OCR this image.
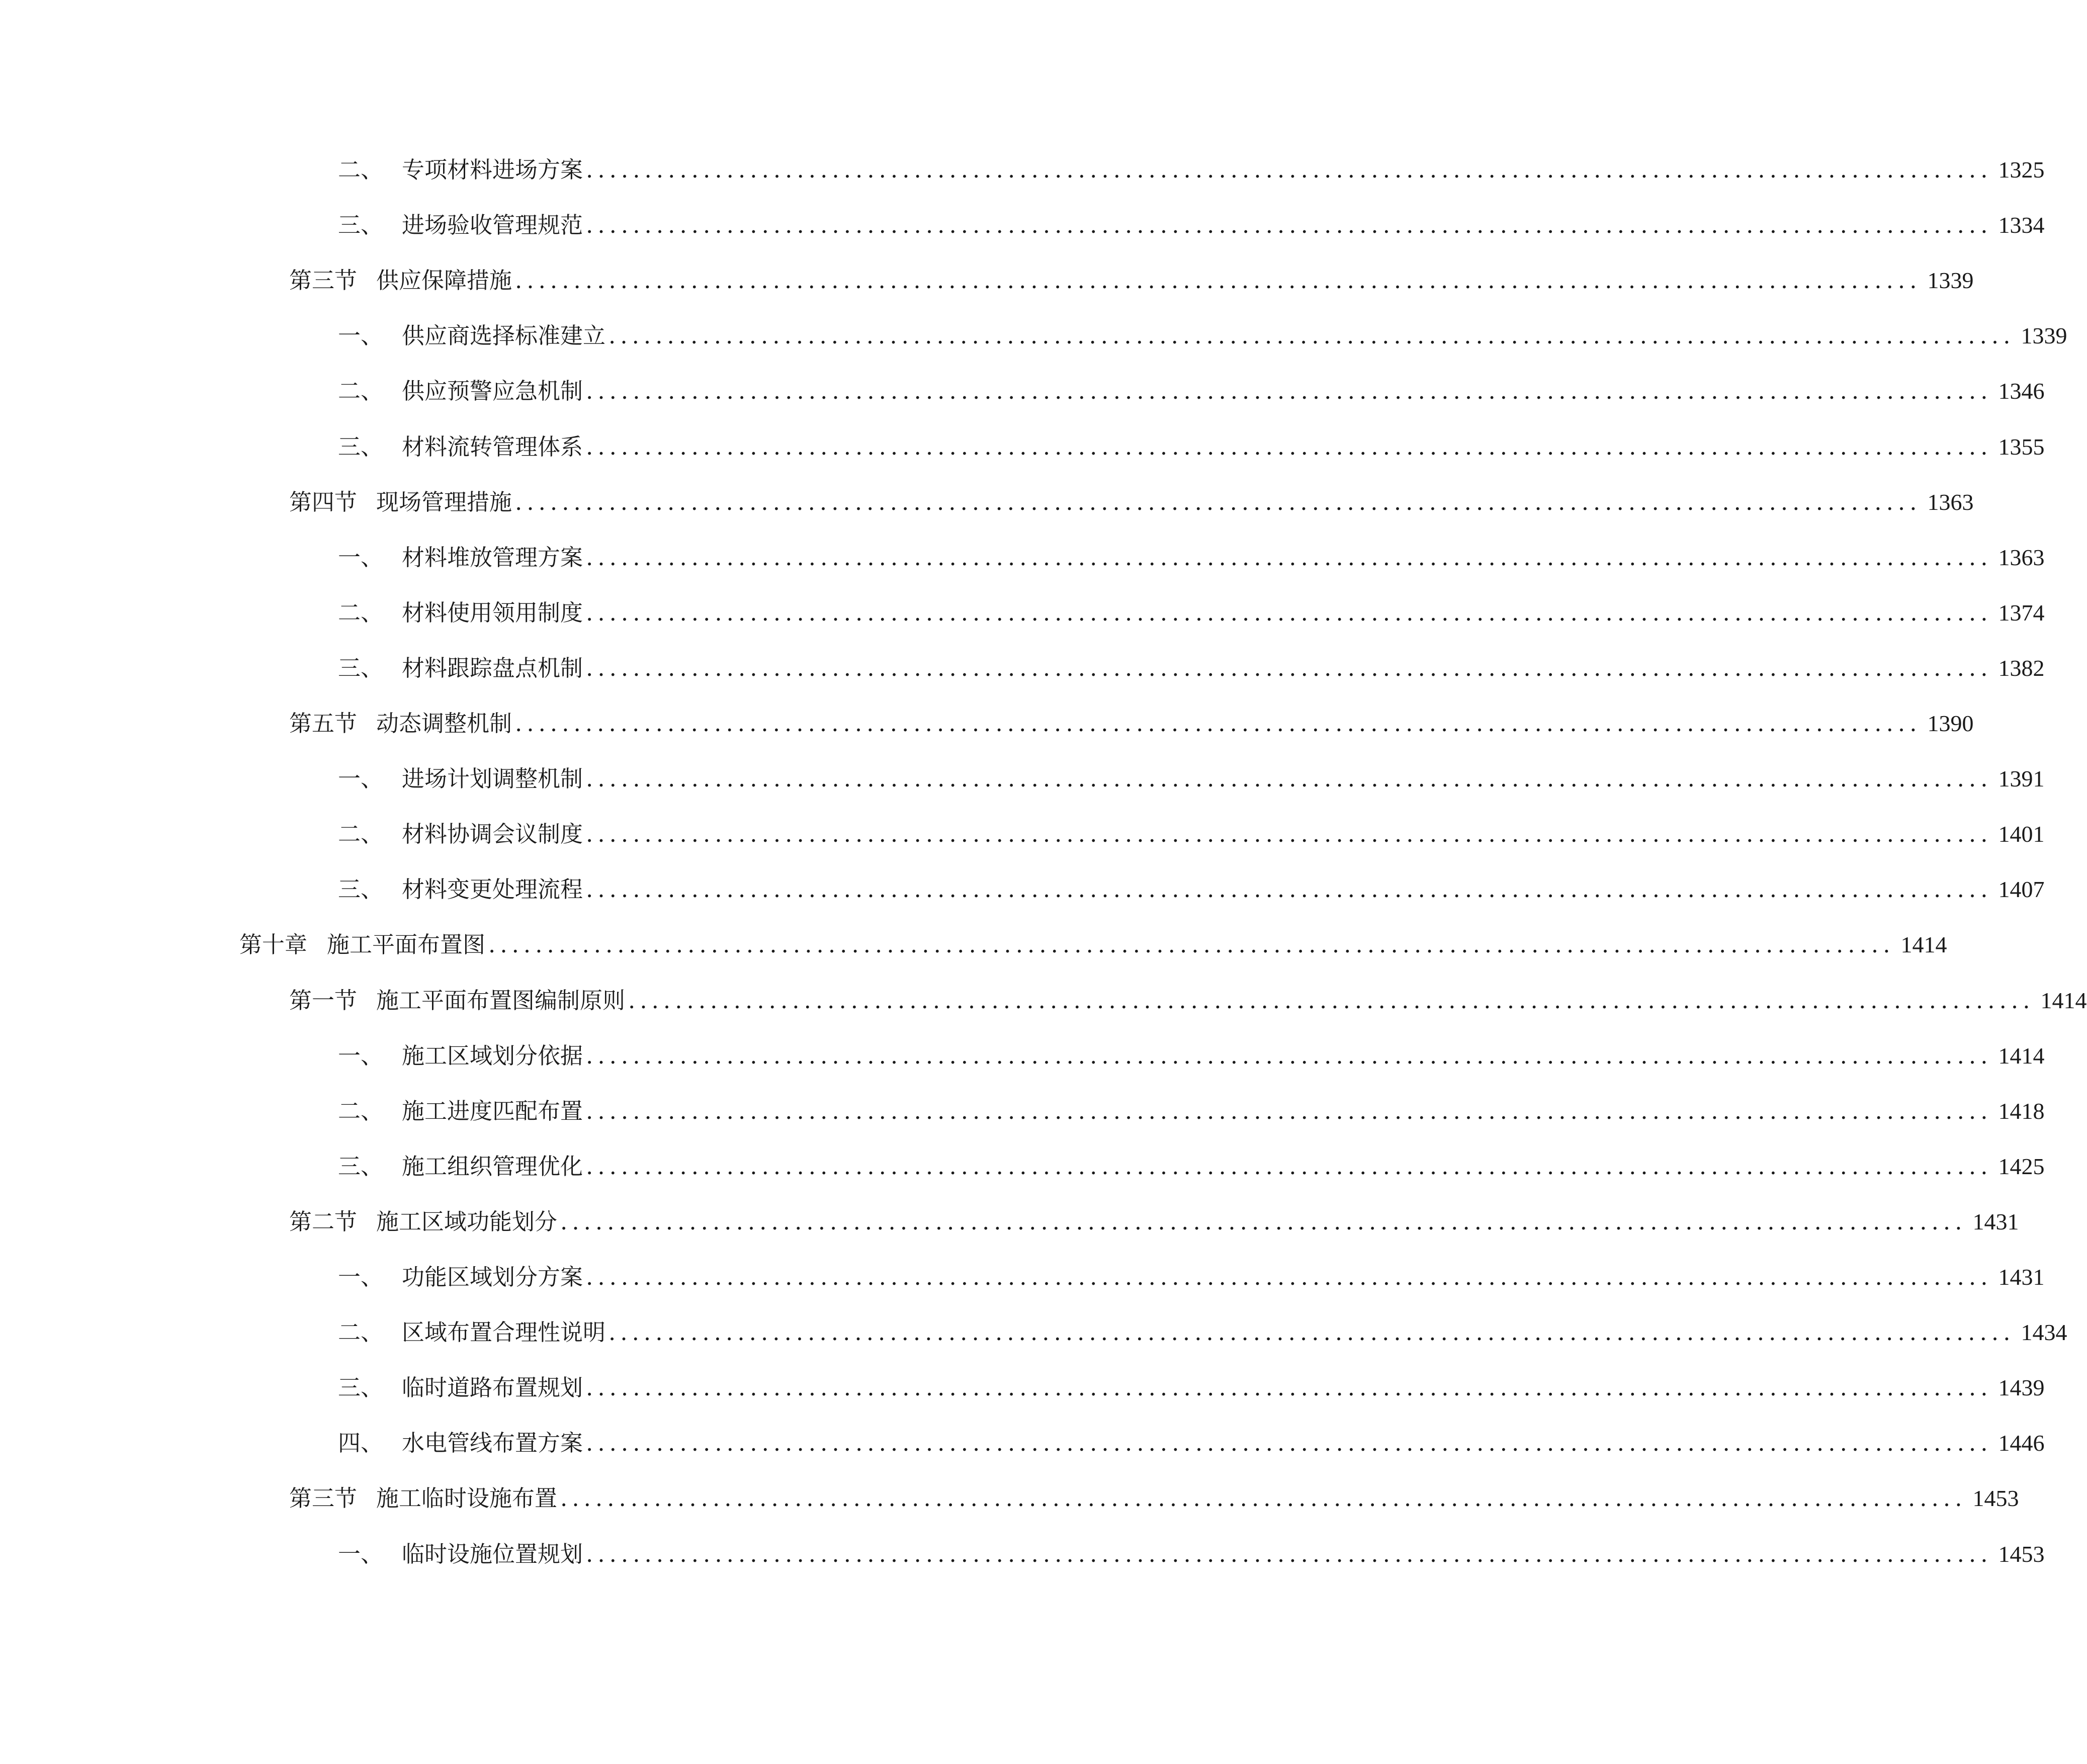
二、 专项材料进场方案 ........................................................................................................................ 1325
三、 进场验收管理规范 ........................................................................................................................ 1334
第三节 供应保障措施 ........................................................................................................................ 1339
一、 供应商选择标准建立 ........................................................................................................................ 1339
二、 供应预警应急机制 ........................................................................................................................ 1346
三、 材料流转管理体系 ........................................................................................................................ 1355
第四节 现场管理措施 ........................................................................................................................ 1363
一、 材料堆放管理方案 ........................................................................................................................ 1363
二、 材料使用领用制度 ........................................................................................................................ 1374
三、 材料跟踪盘点机制 ........................................................................................................................ 1382
第五节 动态调整机制 ........................................................................................................................ 1390
一、 进场计划调整机制 ........................................................................................................................ 1391
二、 材料协调会议制度 ........................................................................................................................ 1401
三、 材料变更处理流程 ........................................................................................................................ 1407
第十章 施工平面布置图 ........................................................................................................................ 1414
第一节 施工平面布置图编制原则 ........................................................................................................................ 1414
一、 施工区域划分依据 ........................................................................................................................ 1414
二、 施工进度匹配布置 ........................................................................................................................ 1418
三、 施工组织管理优化 ........................................................................................................................ 1425
第二节 施工区域功能划分 ........................................................................................................................ 1431
一、 功能区域划分方案 ........................................................................................................................ 1431
二、 区域布置合理性说明 ........................................................................................................................ 1434
三、 临时道路布置规划 ........................................................................................................................ 1439
四、 水电管线布置方案 ........................................................................................................................ 1446
第三节 施工临时设施布置 ........................................................................................................................ 1453
一、 临时设施位置规划 ........................................................................................................................ 1453
